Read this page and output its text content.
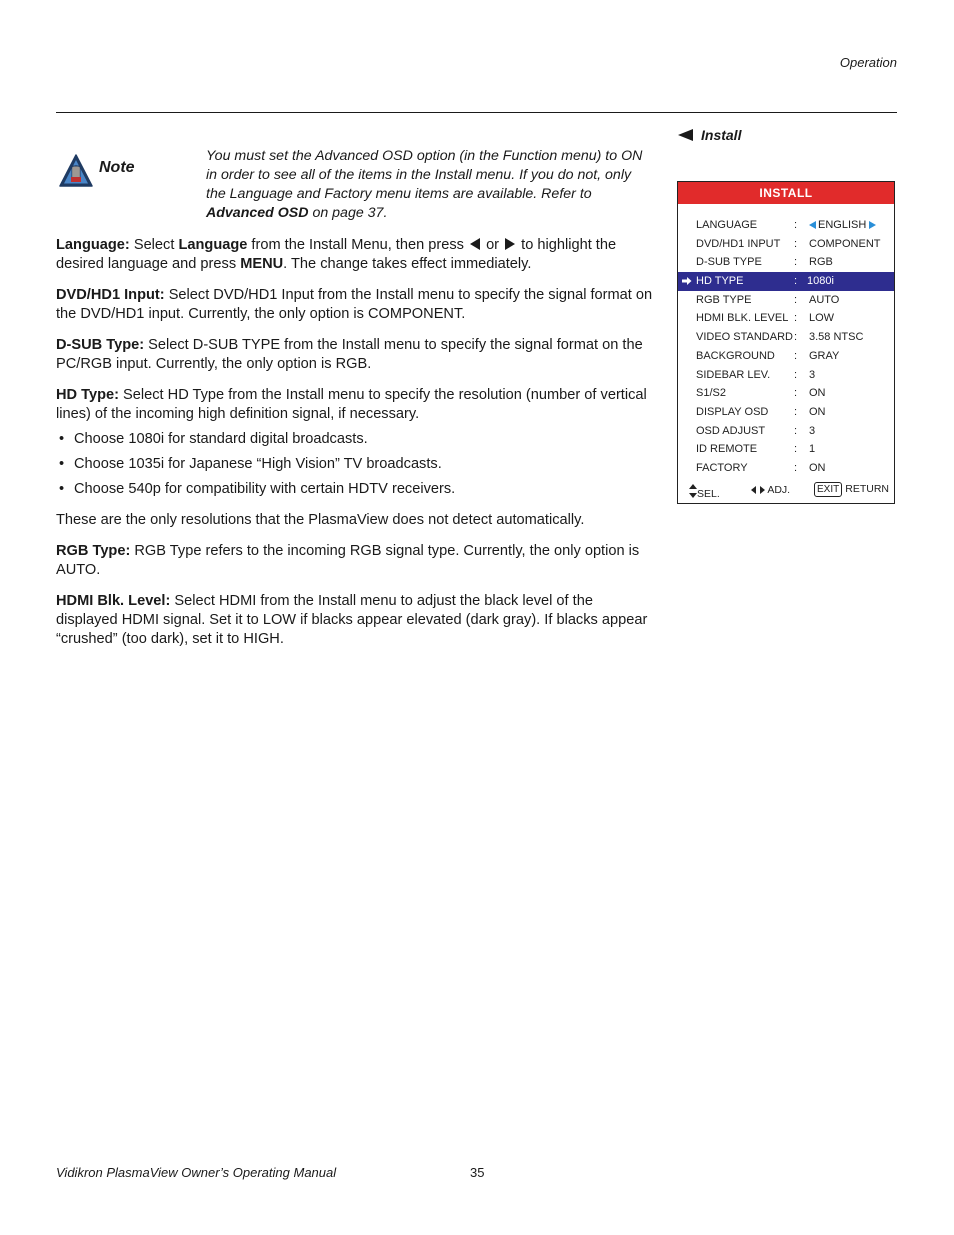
Operation
Note
You must set the Advanced OSD option (in the Function menu) to ON in order to see all of the items in the Install menu. If you do not, only the Language and Factory menu items are available. Refer to Advanced OSD on page 37.

Language: Select Language from the Install Menu, then press  or  to highlight the desired language and press MENU. The change takes effect immediately.

DVD/HD1 Input: Select DVD/HD1 Input from the Install menu to specify the signal format on the DVD/HD1 input. Currently, the only option is COMPONENT.

D-SUB Type: Select D-SUB TYPE from the Install menu to specify the signal format on the PC/RGB input. Currently, the only option is RGB.

HD Type: Select HD Type from the Install menu to specify the resolution (number of vertical lines) of the incoming high definition signal, if necessary.

• Choose 1080i for standard digital broadcasts.
• Choose 1035i for Japanese “High Vision” TV broadcasts.
• Choose 540p for compatibility with certain HDTV receivers.

These are the only resolutions that the PlasmaView does not detect automatically.

RGB Type: RGB Type refers to the incoming RGB signal type. Currently, the only option is AUTO.

HDMI Blk. Level: Select HDMI from the Install menu to adjust the black level of the displayed HDMI signal. Set it to LOW if blacks appear elevated (dark gray). If blacks appear “crushed” (too dark), set it to HIGH.

Install
INSTALL
LANGUAGE	:	ENGLISH
DVD/HD1 INPUT : COMPONENT
D-SUB TYPE	: RGB
HD TYPE	: 1080i
RGB TYPE	: AUTO
HDMI BLK. LEVEL : LOW
VIDEO STANDARD : 3.58 NTSC
BACKGROUND : GRAY
SIDEBAR LEV. : 3
S1/S2	: ON
DISPLAY OSD : ON
OSD ADJUST	: 3
ID REMOTE	: 1
FACTORY	: ON
SEL.	ADJ.	EXIT RETURN
Vidikron PlasmaView Owner’s Operating Manual	35
